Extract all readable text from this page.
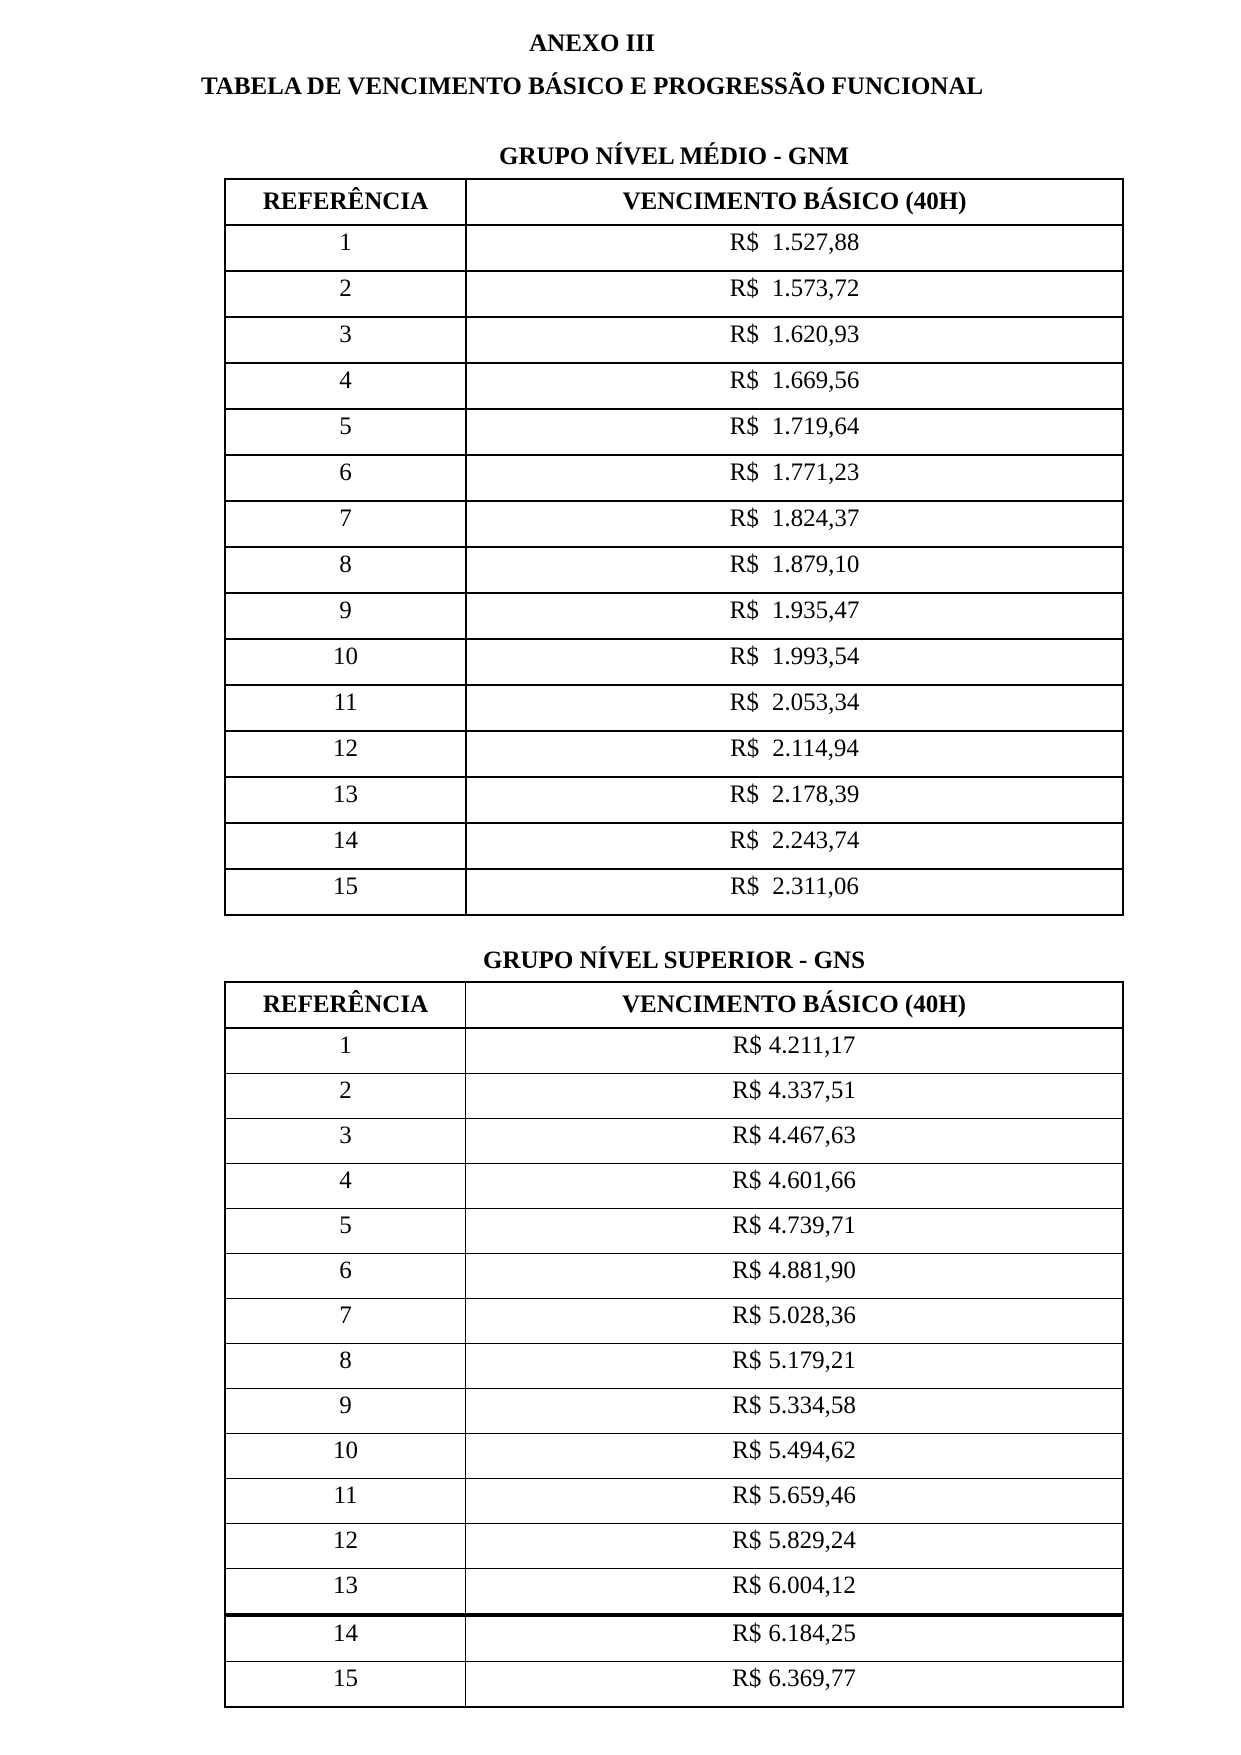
ANEXO III
TABELA DE VENCIMENTO BÁSICO E PROGRESSÃO FUNCIONAL
GRUPO NÍVEL MÉDIO - GNM
REFERÊNCIA	VENCIMENTO BÁSICO (40H)
1	R$ 1.527,88
2	R$ 1.573,72
3	R$ 1.620,93
4	R$ 1.669,56
5	R$ 1.719,64
6	R$ 1.771,23
7	R$ 1.824,37
8	R$ 1.879,10
9	R$ 1.935,47
10	R$ 1.993,54
11	R$ 2.053,34
12	R$ 2.114,94
13	R$ 2.178,39
14	R$ 2.243,74
15	R$ 2.311,06
GRUPO NÍVEL SUPERIOR - GNS
REFERÊNCIA	VENCIMENTO BÁSICO (40H)
1	R$ 4.211,17
2	R$ 4.337,51
3	R$ 4.467,63
4	R$ 4.601,66
5	R$ 4.739,71
6	R$ 4.881,90
7	R$ 5.028,36
8	R$ 5.179,21
9	R$ 5.334,58
10	R$ 5.494,62
11	R$ 5.659,46
12	R$ 5.829,24
13	R$ 6.004,12
14	R$ 6.184,25
15	R$ 6.369,77
